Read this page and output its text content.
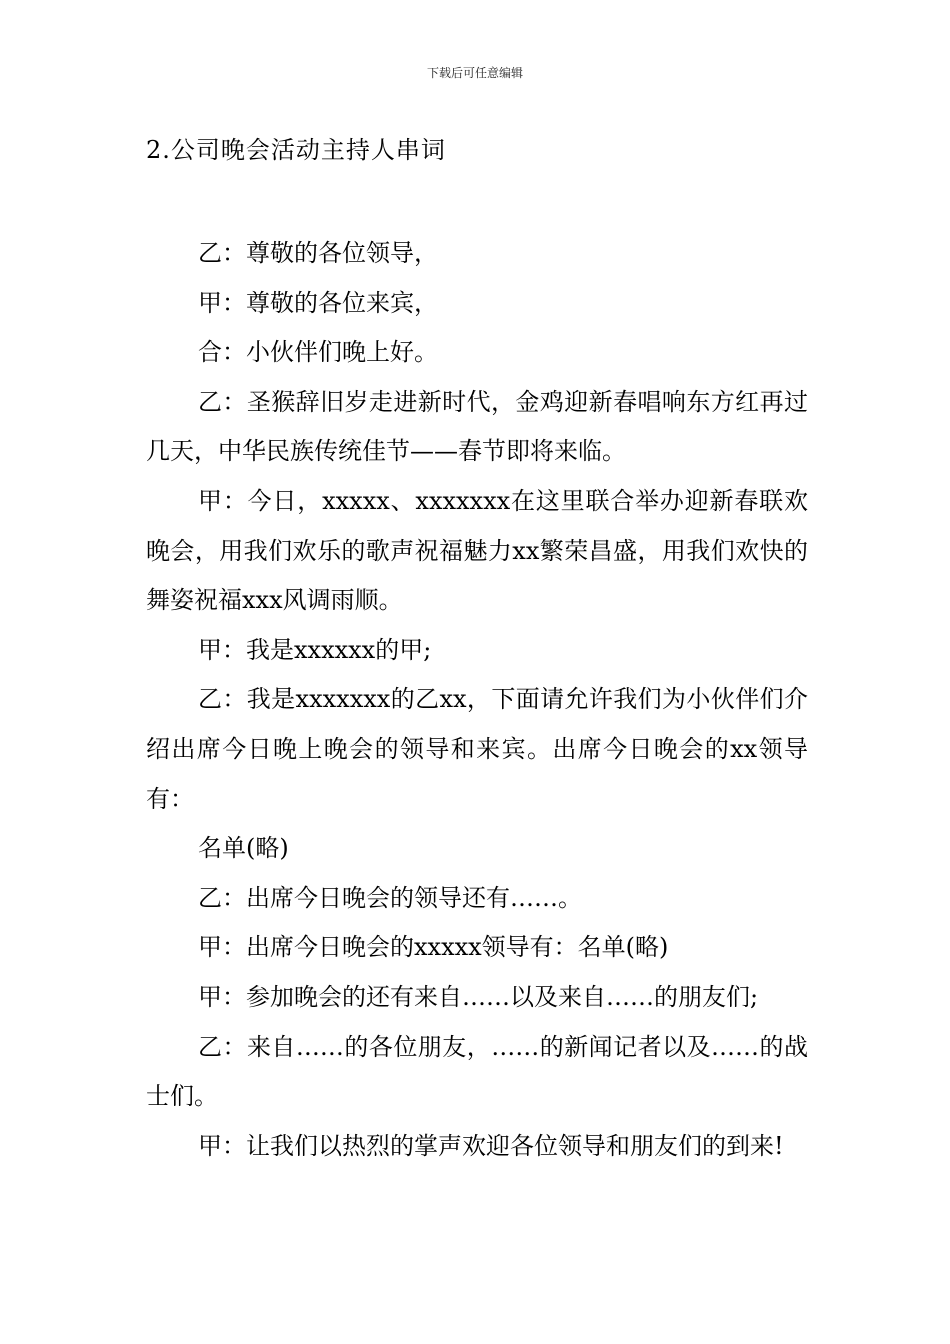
下载后可任意编辑
2.公司晚会活动主持人串词

乙：尊敬的各位领导，

甲：尊敬的各位来宾，

合：小伙伴们晚上好。

乙：圣猴辞旧岁走进新时代，金鸡迎新春唱响东方红再过几天，中华民族传统佳节——春节即将来临。

甲：今日，xxxxx、xxxxxxx在这里联合举办迎新春联欢晚会，用我们欢乐的歌声祝福魅力xx繁荣昌盛，用我们欢快的舞姿祝福xxx风调雨顺。

甲：我是xxxxxx的甲;

乙：我是xxxxxxx的乙xx，下面请允许我们为小伙伴们介绍出席今日晚上晚会的领导和来宾。出席今日晚会的xx领导有：

名单(略)

乙：出席今日晚会的领导还有……。

甲：出席今日晚会的xxxxx领导有：名单(略)

甲：参加晚会的还有来自……以及来自……的朋友们;

乙：来自……的各位朋友，……的新闻记者以及……的战士们。

甲：让我们以热烈的掌声欢迎各位领导和朋友们的到来!
